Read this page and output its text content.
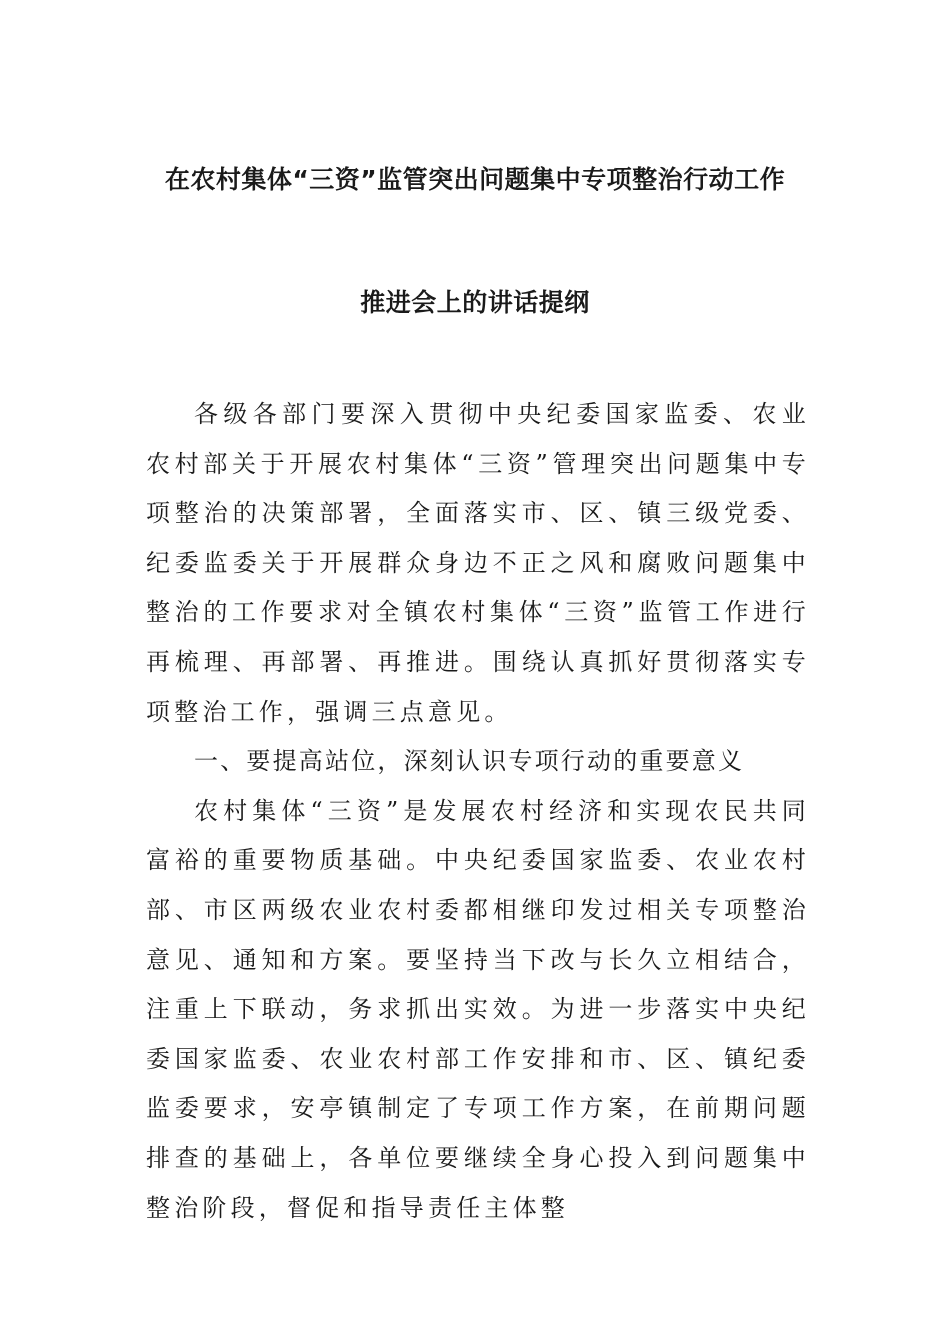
在农村集体“三资”监管突出问题集中专项整治行动工作
推进会上的讲话提纲

各级各部门要深入贯彻中央纪委国家监委、农业农村部关于开展农村集体“三资”管理突出问题集中专项整治的决策部署，全面落实市、区、镇三级党委、纪委监委关于开展群众身边不正之风和腐败问题集中整治的工作要求对全镇农村集体“三资”监管工作进行再梳理、再部署、再推进。围绕认真抓好贯彻落实专项整治工作，强调三点意见。

一、要提高站位，深刻认识专项行动的重要意义

农村集体“三资”是发展农村经济和实现农民共同富裕的重要物质基础。中央纪委国家监委、农业农村部、市区两级农业农村委都相继印发过相关专项整治意见、通知和方案。要坚持当下改与长久立相结合，注重上下联动，务求抓出实效。为进一步落实中央纪委国家监委、农业农村部工作安排和市、区、镇纪委监委要求，安亭镇制定了专项工作方案，在前期问题排查的基础上，各单位要继续全身心投入到问题集中整治阶段，督促和指导责任主体整
